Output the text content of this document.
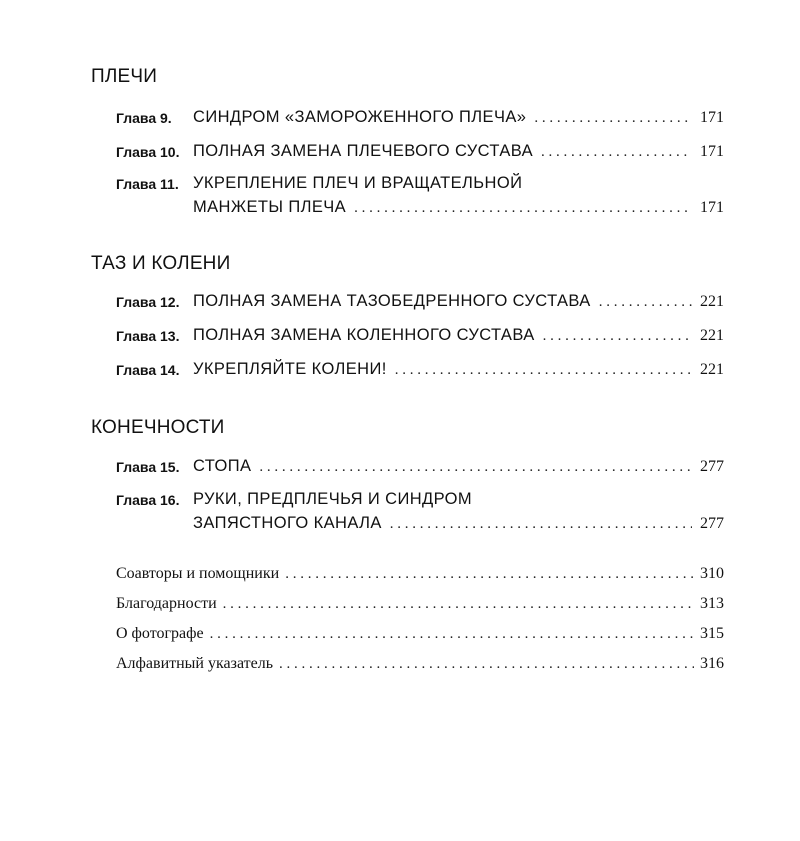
ПЛЕЧИ
Глава 9. СИНДРОМ «ЗАМОРОЖЕННОГО ПЛЕЧА» . . .	171
Глава 10. ПОЛНАЯ ЗАМЕНА ПЛЕЧЕВОГО СУСТАВА . . .	171
Глава 11. УКРЕПЛЕНИЕ ПЛЕЧ И ВРАЩАТЕЛЬНОЙ
МАНЖЕТЫ ПЛЕЧА . . .	171
ТАЗ И КОЛЕНИ
Глава 12. ПОЛНАЯ ЗАМЕНА ТАЗОБЕДРЕННОГО СУСТАВА . . .	221
Глава 13. ПОЛНАЯ ЗАМЕНА КОЛЕННОГО СУСТАВА . . .	221
Глава 14. УКРЕПЛЯЙТЕ КОЛЕНИ! . . .	221
КОНЕЧНОСТИ
Глава 15. СТОПА . . .	277
Глава 16. РУКИ, ПРЕДПЛЕЧЬЯ И СИНДРОМ
ЗАПЯСТНОГО КАНАЛА . . .	277
Соавторы и помощники . . .	310
Благодарности . . .	313
О фотографе . . .	315
Алфавитный указатель . . .	316
